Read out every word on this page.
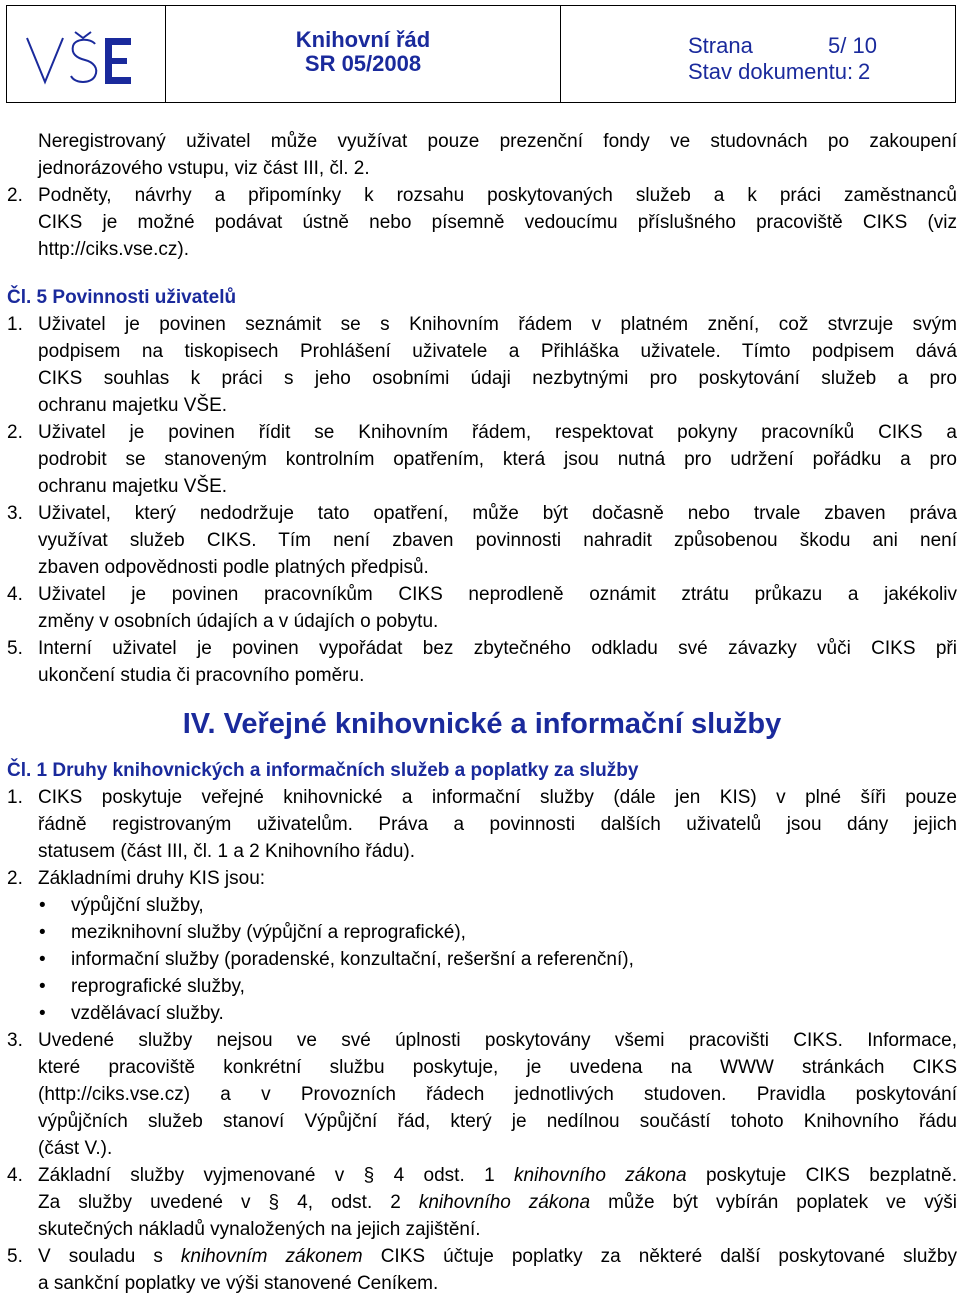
VŠE	Knihovní řád
SR 05/2008
Strana	5/ 10
Stav dokumentu: 2
Neregistrovaný uživatel může využívat pouze prezenční fondy ve studovnách po zakoupení
jednorázového vstupu, viz část III, čl. 2.
2. Podněty, návrhy a připomínky k rozsahu poskytovaných služeb a k práci zaměstnanců
CIKS je možné podávat ústně nebo písemně vedoucímu příslušného pracoviště CIKS (viz
http://ciks.vse.cz).
Čl. 5 Povinnosti uživatelů
1. Uživatel je povinen seznámit se s Knihovním řádem v platném znění, což stvrzuje svým
podpisem na tiskopisech Prohlášení uživatele a Přihláška uživatele. Tímto podpisem dává
CIKS souhlas k práci s jeho osobními údaji nezbytnými pro poskytování služeb a pro
ochranu majetku VŠE.
2. Uživatel je povinen řídit se Knihovním řádem, respektovat pokyny pracovníků CIKS a
podrobit se stanoveným kontrolním opatřením, která jsou nutná pro udržení pořádku a pro
ochranu majetku VŠE.
3. Uživatel, který nedodržuje tato opatření, může být dočasně nebo trvale zbaven práva
využívat služeb CIKS. Tím není zbaven povinnosti nahradit způsobenou škodu ani není
zbaven odpovědnosti podle platných předpisů.
4. Uživatel je povinen pracovníkům CIKS neprodleně oznámit ztrátu průkazu a jakékoliv
změny v osobních údajích a v údajích o pobytu.
5. Interní uživatel je povinen vypořádat bez zbytečného odkladu své závazky vůči CIKS při
ukončení studia či pracovního poměru.
IV. Veřejné knihovnické a informační služby
Čl. 1 Druhy knihovnických a informačních služeb a poplatky za služby
1. CIKS poskytuje veřejné knihovnické a informační služby (dále jen KIS) v plné šíři pouze
řádně registrovaným uživatelům. Práva a povinnosti dalších uživatelů jsou dány jejich
statusem (část III, čl. 1 a 2 Knihovního řádu).
2. Základními druhy KIS jsou:
• výpůjční služby,
• meziknihovní služby (výpůjční a reprografické),
• informační služby (poradenské, konzultační, rešeršní a referenční),
• reprografické služby,
• vzdělávací služby.
3. Uvedené služby nejsou ve své úplnosti poskytovány všemi pracovišti CIKS. Informace,
které pracoviště konkrétní službu poskytuje, je uvedena na WWW stránkách CIKS
(http://ciks.vse.cz) a v Provozních řádech jednotlivých studoven. Pravidla poskytování
výpůjčních služeb stanoví Výpůjční řád, který je nedílnou součástí tohoto Knihovního řádu
(část V.).
4. Základní služby vyjmenované v § 4 odst. 1 knihovního zákona poskytuje CIKS bezplatně.
Za služby uvedené v § 4, odst. 2 knihovního zákona může být vybírán poplatek ve výši
skutečných nákladů vynaložených na jejich zajištění.
5. V souladu s knihovním zákonem CIKS účtuje poplatky za některé další poskytované služby
a sankční poplatky ve výši stanovené Ceníkem.
